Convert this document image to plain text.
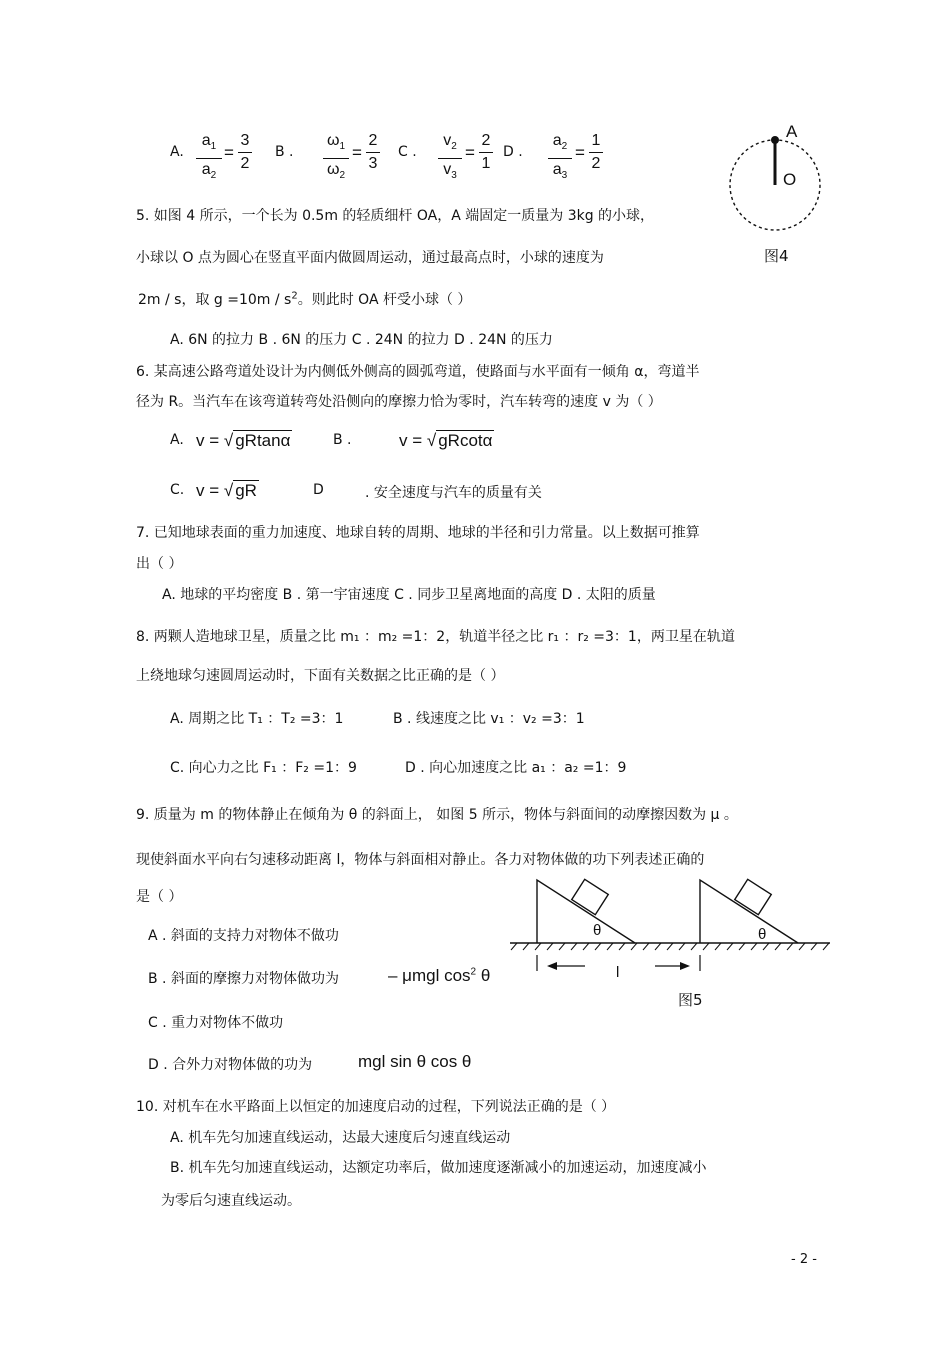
A.
$a_1$
$a_2$
=
3
2
B .
$\omega_1$
$\omega_2$
=
2
3
C .
$v_2$
$v_3$
=
2
1
D .
$a_2$
$a_3$
=
1
2
A
O
图4
5. 如图 4 所示，一个长为 0.5m 的轻质细杆 OA，A 端固定一质量为 3kg 的小球，
小球以 O 点为圆心在竖直平面内做圆周运动，通过最高点时，小球的速度为
2m / s，取 $g =10m / s^2$。则此时 OA 杆受小球（ ）
A. 6N 的拉力 B . 6N 的压力 C . 24N 的拉力 D . 24N 的压力
6. 某高速公路弯道处设计为内侧低外侧高的圆弧弯道，使路面与水平面有一倾角 α，弯道半
径为 R。当汽车在该弯道转弯处沿侧向的摩擦力恰为零时，汽车转弯的速度 v 为（ ）
A. v = √ gRtanα	B .	v = √ gRcotα
C. v = √ gR	D	. 安全速度与汽车的质量有关
7. 已知地球表面的重力加速度、地球自转的周期、地球的半径和引力常量。以上数据可推算
出（ ）
A. 地球的平均密度 B . 第一宇宙速度 C . 同步卫星离地面的高度 D . 太阳的质量
8. 两颗人造地球卫星，质量之比 m₁ ：m₂ =1：2，轨道半径之比 r₁ ：r₂ =3：1，两卫星在轨道
上绕地球匀速圆周运动时，下面有关数据之比正确的是（ ）
A. 周期之比 T₁ ：T₂ =3：1	B . 线速度之比 v₁ ：v₂ =3：1
C. 向心力之比 F₁ ：F₂ =1：9	D . 向心加速度之比 a₁ ：a₂ =1：9
9. 质量为 m 的物体静止在倾角为 θ 的斜面上， 如图 5 所示，物体与斜面间的动摩擦因数为 μ 。
现使斜面水平向右匀速移动距离 l，物体与斜面相对静止。各力对物体做的功下列表述正确的
是（ ）
A . 斜面的支持力对物体不做功
B . 斜面的摩擦力对物体做功为	– μmgl $\cos^2 \theta$
C . 重力对物体不做功
D . 合外力对物体做的功为	mgl sin θ cos θ
θ	θ
l
图5
10. 对机车在水平路面上以恒定的加速度启动的过程，下列说法正确的是（ ）
A. 机车先匀加速直线运动，达最大速度后匀速直线运动
B. 机车先匀加速直线运动，达额定功率后，做加速度逐渐减小的加速运动，加速度减小
为零后匀速直线运动。
- 2 -
